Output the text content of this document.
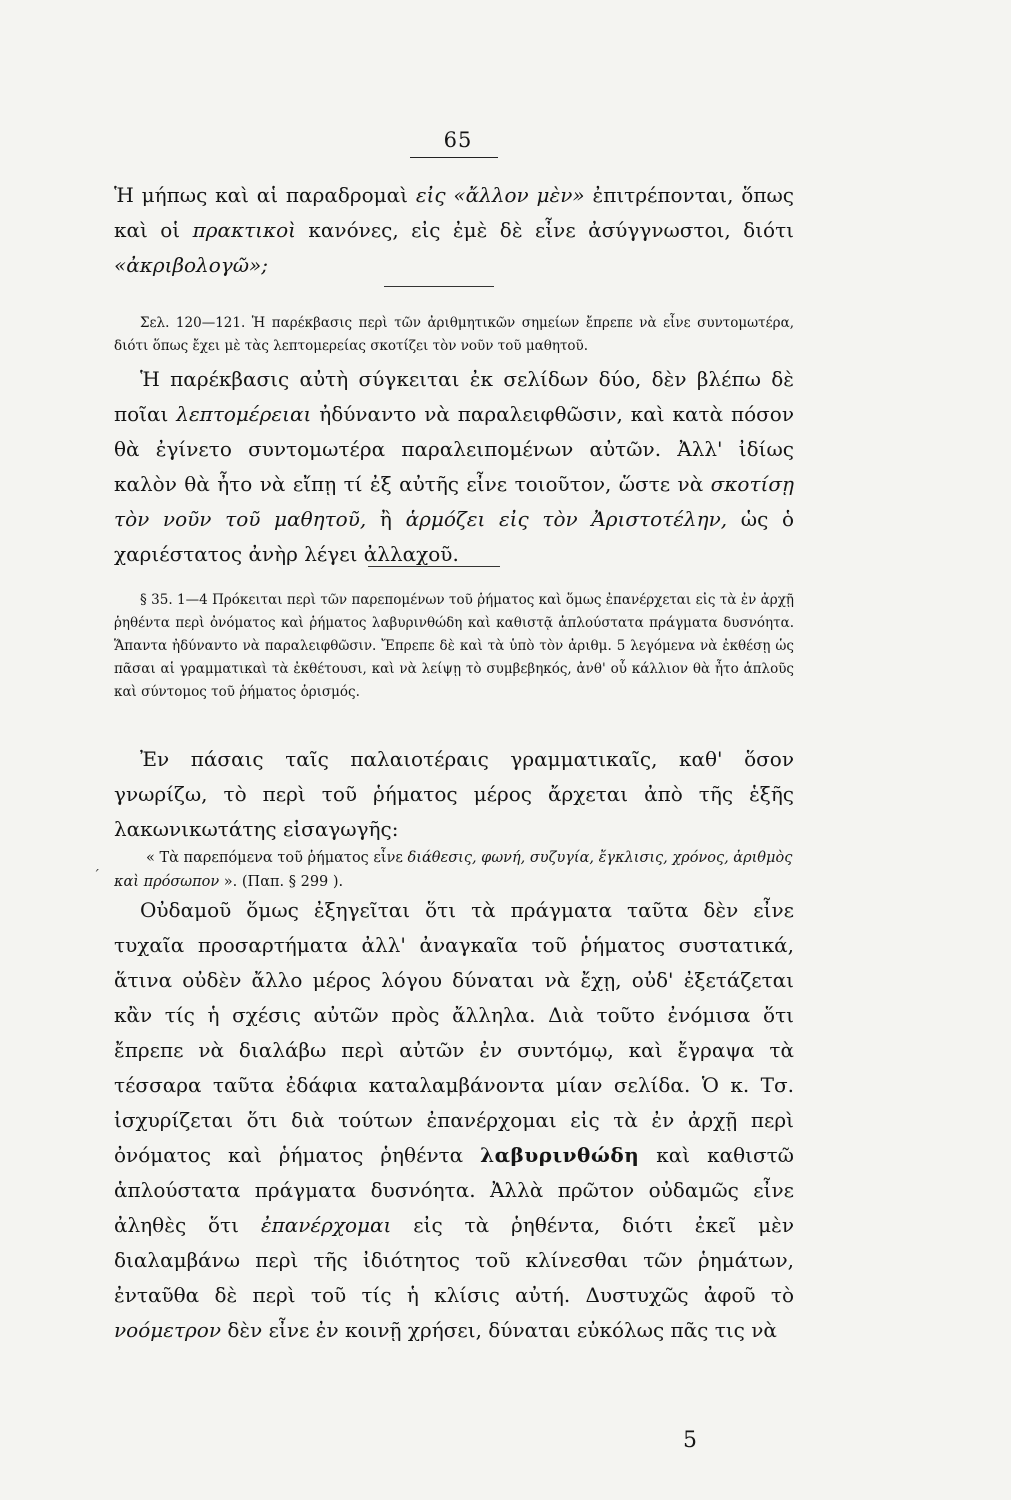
65

Ἡ μήπως καὶ αἱ παραδρομαὶ εἰς «ἄλλον μὲν» ἐπιτρέπονται, ὅπως καὶ οἱ πρακτικοὶ κανόνες, εἰς ἐμὲ δὲ εἶνε ἀσύγγνωστοι, διότι «ἀκριβολογῶ»;

Σελ. 120—121. Ἡ παρέκβασις περὶ τῶν ἀριθμητικῶν σημείων ἔπρεπε νὰ εἶνε συντομωτέρα, διότι ὅπως ἔχει μὲ τὰς λεπτομερείας σκοτίζει τὸν νοῦν τοῦ μαθητοῦ.

Ἡ παρέκβασις αὐτὴ σύγκειται ἐκ σελίδων δύο, δὲν βλέπω δὲ ποῖαι λεπτομέρειαι ἠδύναντο νὰ παραλειφθῶσιν, καὶ κατὰ πόσον θὰ ἐγίνετο συντομωτέρα παραλειπομένων αὐτῶν. Ἀλλ' ἰδίως καλὸν θὰ ἦτο νὰ εἴπῃ τί ἐξ αὐτῆς εἶνε τοιοῦτον, ὥστε νὰ σκοτίσῃ τὸν νοῦν τοῦ μαθητοῦ, ἢ ἁρμόζει εἰς τὸν Ἀριστοτέλην, ὡς ὁ χαριέστατος ἀνὴρ λέγει ἀλλαχοῦ.

§ 35. 1—4 Πρόκειται περὶ τῶν παρεπομένων τοῦ ῥήματος καὶ ὅμως ἐπανέρχεται εἰς τὰ ἐν ἀρχῇ ῥηθέντα περὶ ὀνόματος καὶ ῥήματος λαβυρινθώδη καὶ καθιστᾷ ἁπλούστατα πράγματα δυσνόητα. Ἅπαντα ἠδύναντο νὰ παραλειφθῶσιν. Ἔπρεπε δὲ καὶ τὰ ὑπὸ τὸν ἀριθμ. 5 λεγόμενα νὰ ἐκθέσῃ ὡς πᾶσαι αἱ γραμματικαὶ τὰ ἐκθέτουσι, καὶ νὰ λείψῃ τὸ συμβεβηκός, ἀνθ' οὗ κάλλιον θὰ ἦτο ἁπλοῦς καὶ σύντομος τοῦ ῥήματος ὁρισμός.

Ἐν πάσαις ταῖς παλαιοτέραις γραμματικαῖς, καθ' ὅσον γνωρίζω, τὸ περὶ τοῦ ῥήματος μέρος ἄρχεται ἀπὸ τῆς ἑξῆς λακωνικωτάτης εἰσαγωγῆς:

« Τὰ παρεπόμενα τοῦ ῥήματος εἶνε διάθεσις, φωνή, συζυγία, ἔγκλισις, χρόνος, ἀριθμὸς καὶ πρόσωπον ». (Παπ. § 299 ).

´

Οὐδαμοῦ ὅμως ἐξηγεῖται ὅτι τὰ πράγματα ταῦτα δὲν εἶνε τυχαῖα προσαρτήματα ἀλλ' ἀναγκαῖα τοῦ ῥήματος συστατικά, ἅτινα οὐδὲν ἄλλο μέρος λόγου δύναται νὰ ἔχῃ, οὐδ' ἐξετάζεται κἂν τίς ἡ σχέσις αὐτῶν πρὸς ἄλληλα. Διὰ τοῦτο ἐνόμισα ὅτι ἔπρεπε νὰ διαλάβω περὶ αὐτῶν ἐν συντόμῳ, καὶ ἔγραψα τὰ τέσσαρα ταῦτα ἐδάφια καταλαμβάνοντα μίαν σελίδα. Ὁ κ. Τσ. ἰσχυρίζεται ὅτι διὰ τούτων ἐπανέρχομαι εἰς τὰ ἐν ἀρχῇ περὶ ὀνόματος καὶ ῥήματος ῥηθέντα λαβυρινθώδη καὶ καθιστῶ ἁπλούστατα πράγματα δυσνόητα. Ἀλλὰ πρῶτον οὐδαμῶς εἶνε ἀληθὲς ὅτι ἐπανέρχομαι εἰς τὰ ῥηθέντα, διότι ἐκεῖ μὲν διαλαμβάνω περὶ τῆς ἰδιότητος τοῦ κλίνεσθαι τῶν ῥημάτων, ἐνταῦθα δὲ περὶ τοῦ τίς ἡ κλίσις αὐτή. Δυστυχῶς ἀφοῦ τὸ νοόμετρον δὲν εἶνε ἐν κοινῇ χρήσει, δύναται εὐκόλως πᾶς τις νὰ

5
